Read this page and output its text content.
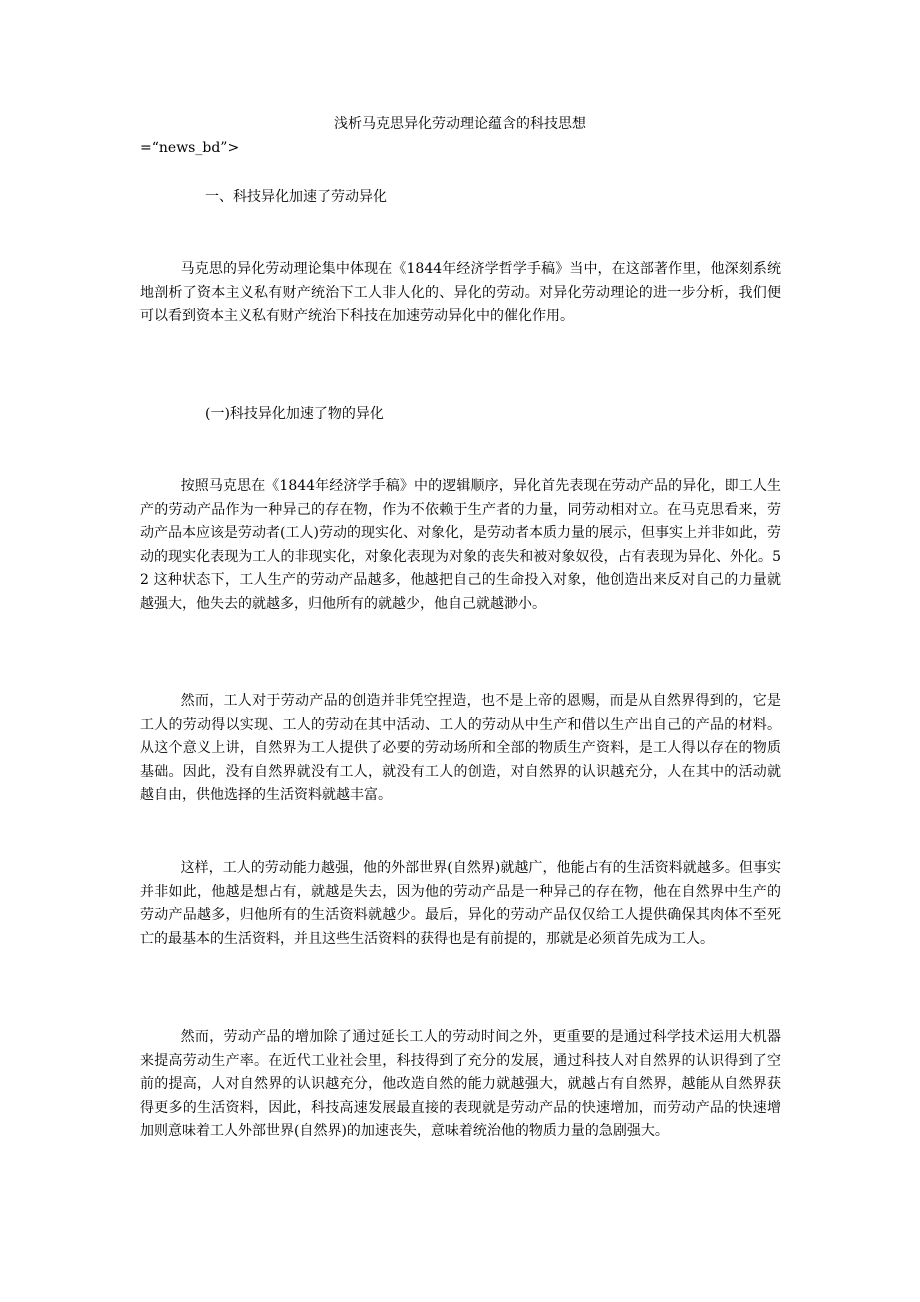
浅析马克思异化劳动理论蕴含的科技思想

=“news_bd”>

一、科技异化加速了劳动异化

马克思的异化劳动理论集中体现在《1844年经济学哲学手稿》当中，在这部著作里，他深刻系统地剖析了资本主义私有财产统治下工人非人化的、异化的劳动。对异化劳动理论的进一步分析，我们便可以看到资本主义私有财产统治下科技在加速劳动异化中的催化作用。

(一)科技异化加速了物的异化

按照马克思在《1844年经济学手稿》中的逻辑顺序，异化首先表现在劳动产品的异化，即工人生产的劳动产品作为一种异己的存在物，作为不依赖于生产者的力量，同劳动相对立。在马克思看来，劳动产品本应该是劳动者(工人)劳动的现实化、对象化，是劳动者本质力量的展示，但事实上并非如此，劳动的现实化表现为工人的非现实化，对象化表现为对象的丧失和被对象奴役，占有表现为异化、外化。52 这种状态下，工人生产的劳动产品越多，他越把自己的生命投入对象，他创造出来反对自己的力量就越强大，他失去的就越多，归他所有的就越少，他自己就越渺小。

然而，工人对于劳动产品的创造并非凭空捏造，也不是上帝的恩赐，而是从自然界得到的，它是工人的劳动得以实现、工人的劳动在其中活动、工人的劳动从中生产和借以生产出自己的产品的材料。从这个意义上讲，自然界为工人提供了必要的劳动场所和全部的物质生产资料，是工人得以存在的物质基础。因此，没有自然界就没有工人，就没有工人的创造，对自然界的认识越充分，人在其中的活动就越自由，供他选择的生活资料就越丰富。

这样，工人的劳动能力越强，他的外部世界(自然界)就越广，他能占有的生活资料就越多。但事实并非如此，他越是想占有，就越是失去，因为他的劳动产品是一种异己的存在物，他在自然界中生产的劳动产品越多，归他所有的生活资料就越少。最后，异化的劳动产品仅仅给工人提供确保其肉体不至死亡的最基本的生活资料，并且这些生活资料的获得也是有前提的，那就是必须首先成为工人。

然而，劳动产品的增加除了通过延长工人的劳动时间之外，更重要的是通过科学技术运用大机器来提高劳动生产率。在近代工业社会里，科技得到了充分的发展，通过科技人对自然界的认识得到了空前的提高，人对自然界的认识越充分，他改造自然的能力就越强大，就越占有自然界，越能从自然界获得更多的生活资料，因此，科技高速发展最直接的表现就是劳动产品的快速增加，而劳动产品的快速增加则意味着工人外部世界(自然界)的加速丧失，意味着统治他的物质力量的急剧强大。
